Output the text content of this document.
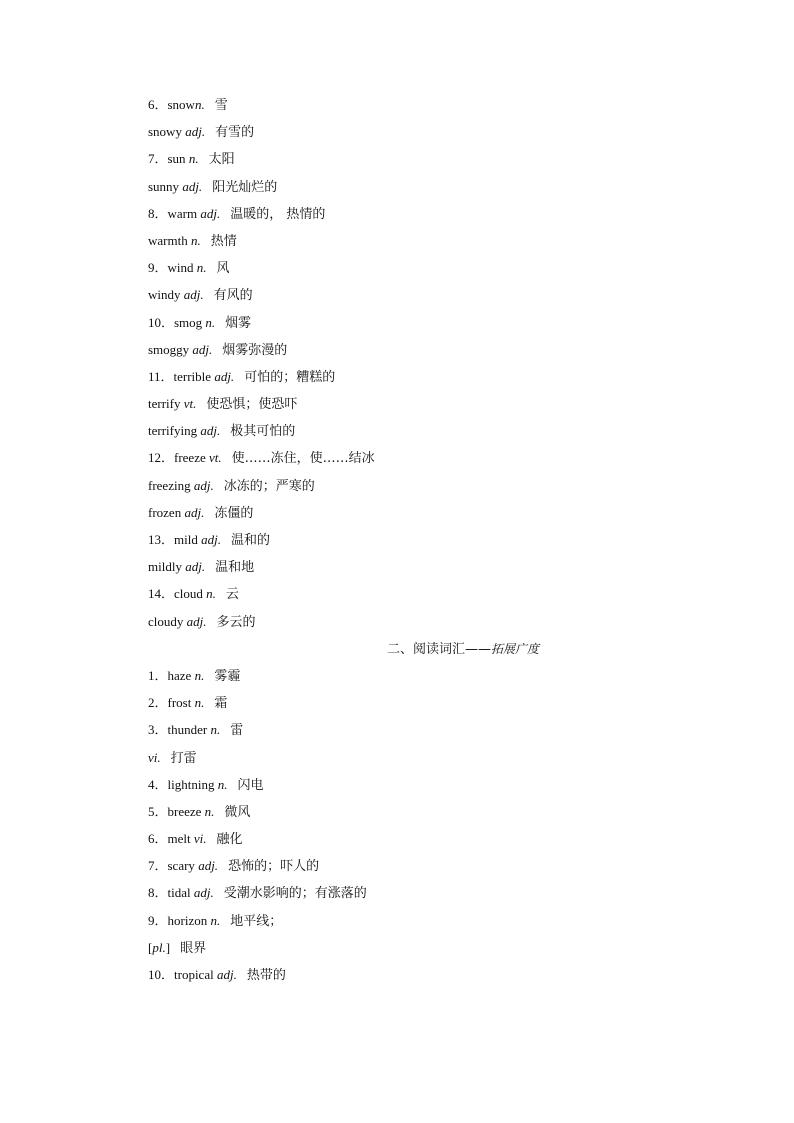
6．snown. 雪
snowy adj. 有雪的
7．sun n. 太阳
sunny adj. 阳光灿烂的
8．warm adj. 温暖的， 热情的
warmth n. 热情
9．wind n. 风
windy adj. 有风的
10．smog n. 烟雾
smoggy adj. 烟雾弥漫的
11．terrible adj. 可怕的；糟糕的
terrify vt. 使恐惧；使恐吓
terrifying adj. 极其可怕的
12．freeze vt. 使……冻住，使……结冰
freezing adj. 冰冻的；严寒的
frozen adj. 冻僵的
13．mild adj. 温和的
mildly adj. 温和地
14．cloud n. 云
cloudy adj. 多云的
二、阅读词汇——拓展广度
1．haze n. 雾霾
2．frost n. 霜
3．thunder n. 雷
vi. 打雷
4．lightning n. 闪电
5．breeze n. 微风
6．melt vi. 融化
7．scary adj. 恐怖的；吓人的
8．tidal adj. 受潮水影响的；有涨落的
9．horizon n. 地平线；
[pl.] 眼界
10．tropical adj. 热带的
